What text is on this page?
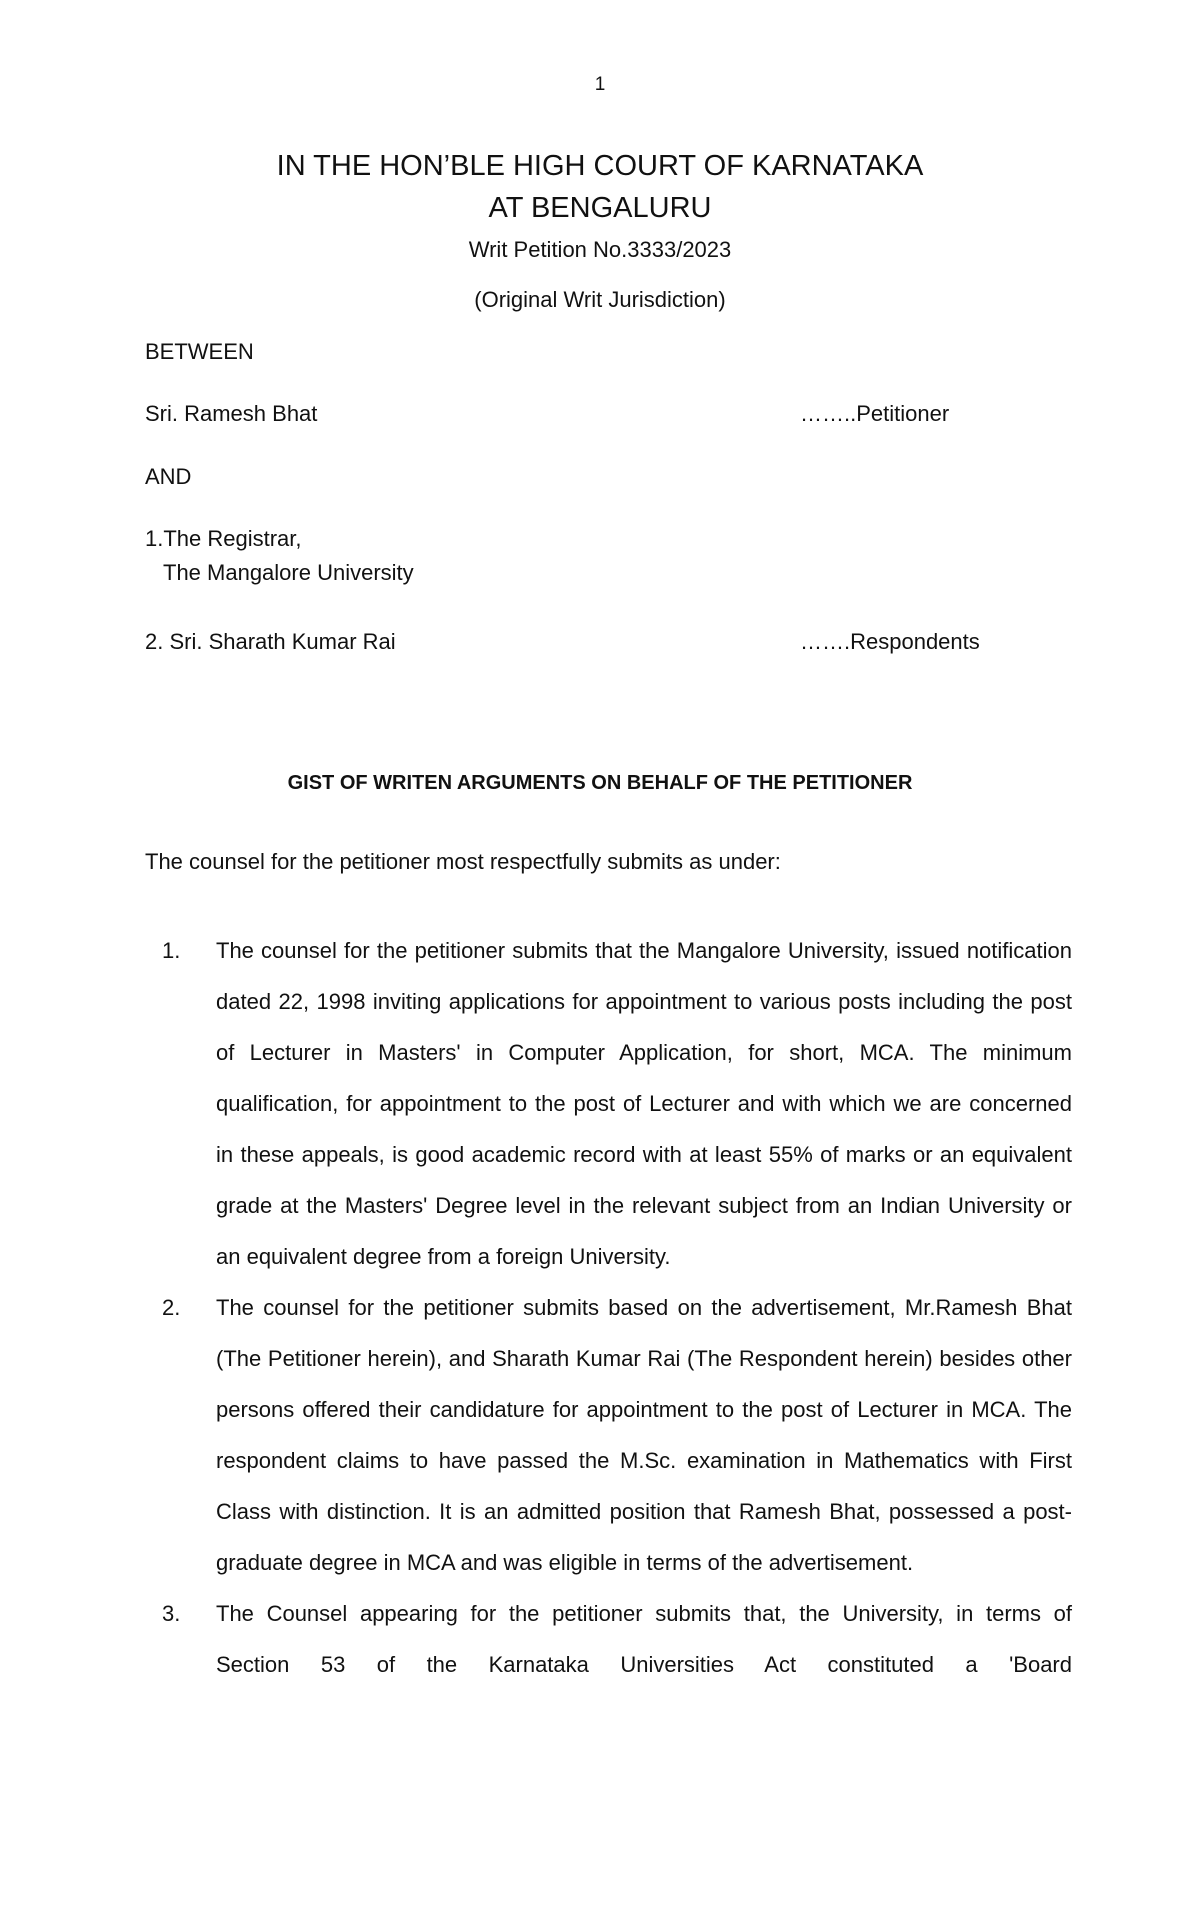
1
IN THE HON’BLE HIGH COURT OF KARNATAKA
AT BENGALURU
Writ Petition No.3333/2023
(Original Writ Jurisdiction)
BETWEEN
Sri. Ramesh Bhat	……..Petitioner
AND
1.The Registrar,
The Mangalore University
2. Sri. Sharath Kumar Rai	…….Respondents
GIST OF WRITEN ARGUMENTS ON BEHALF OF THE PETITIONER
The counsel for the petitioner most respectfully submits as under:
1. The counsel for the petitioner submits that the Mangalore University, issued notification dated 22, 1998 inviting applications for appointment to various posts including the post of Lecturer in Masters' in Computer Application, for short, MCA. The minimum qualification, for appointment to the post of Lecturer and with which we are concerned in these appeals, is good academic record with at least 55% of marks or an equivalent grade at the Masters' Degree level in the relevant subject from an Indian University or an equivalent degree from a foreign University.
2. The counsel for the petitioner submits based on the advertisement, Mr.Ramesh Bhat (The Petitioner herein), and Sharath Kumar Rai (The Respondent herein) besides other persons offered their candidature for appointment to the post of Lecturer in MCA. The respondent claims to have passed the M.Sc. examination in Mathematics with First Class with distinction. It is an admitted position that Ramesh Bhat, possessed a post-graduate degree in MCA and was eligible in terms of the advertisement.
3. The Counsel appearing for the petitioner submits that, the University, in terms of Section 53 of the Karnataka Universities Act constituted a 'Board
